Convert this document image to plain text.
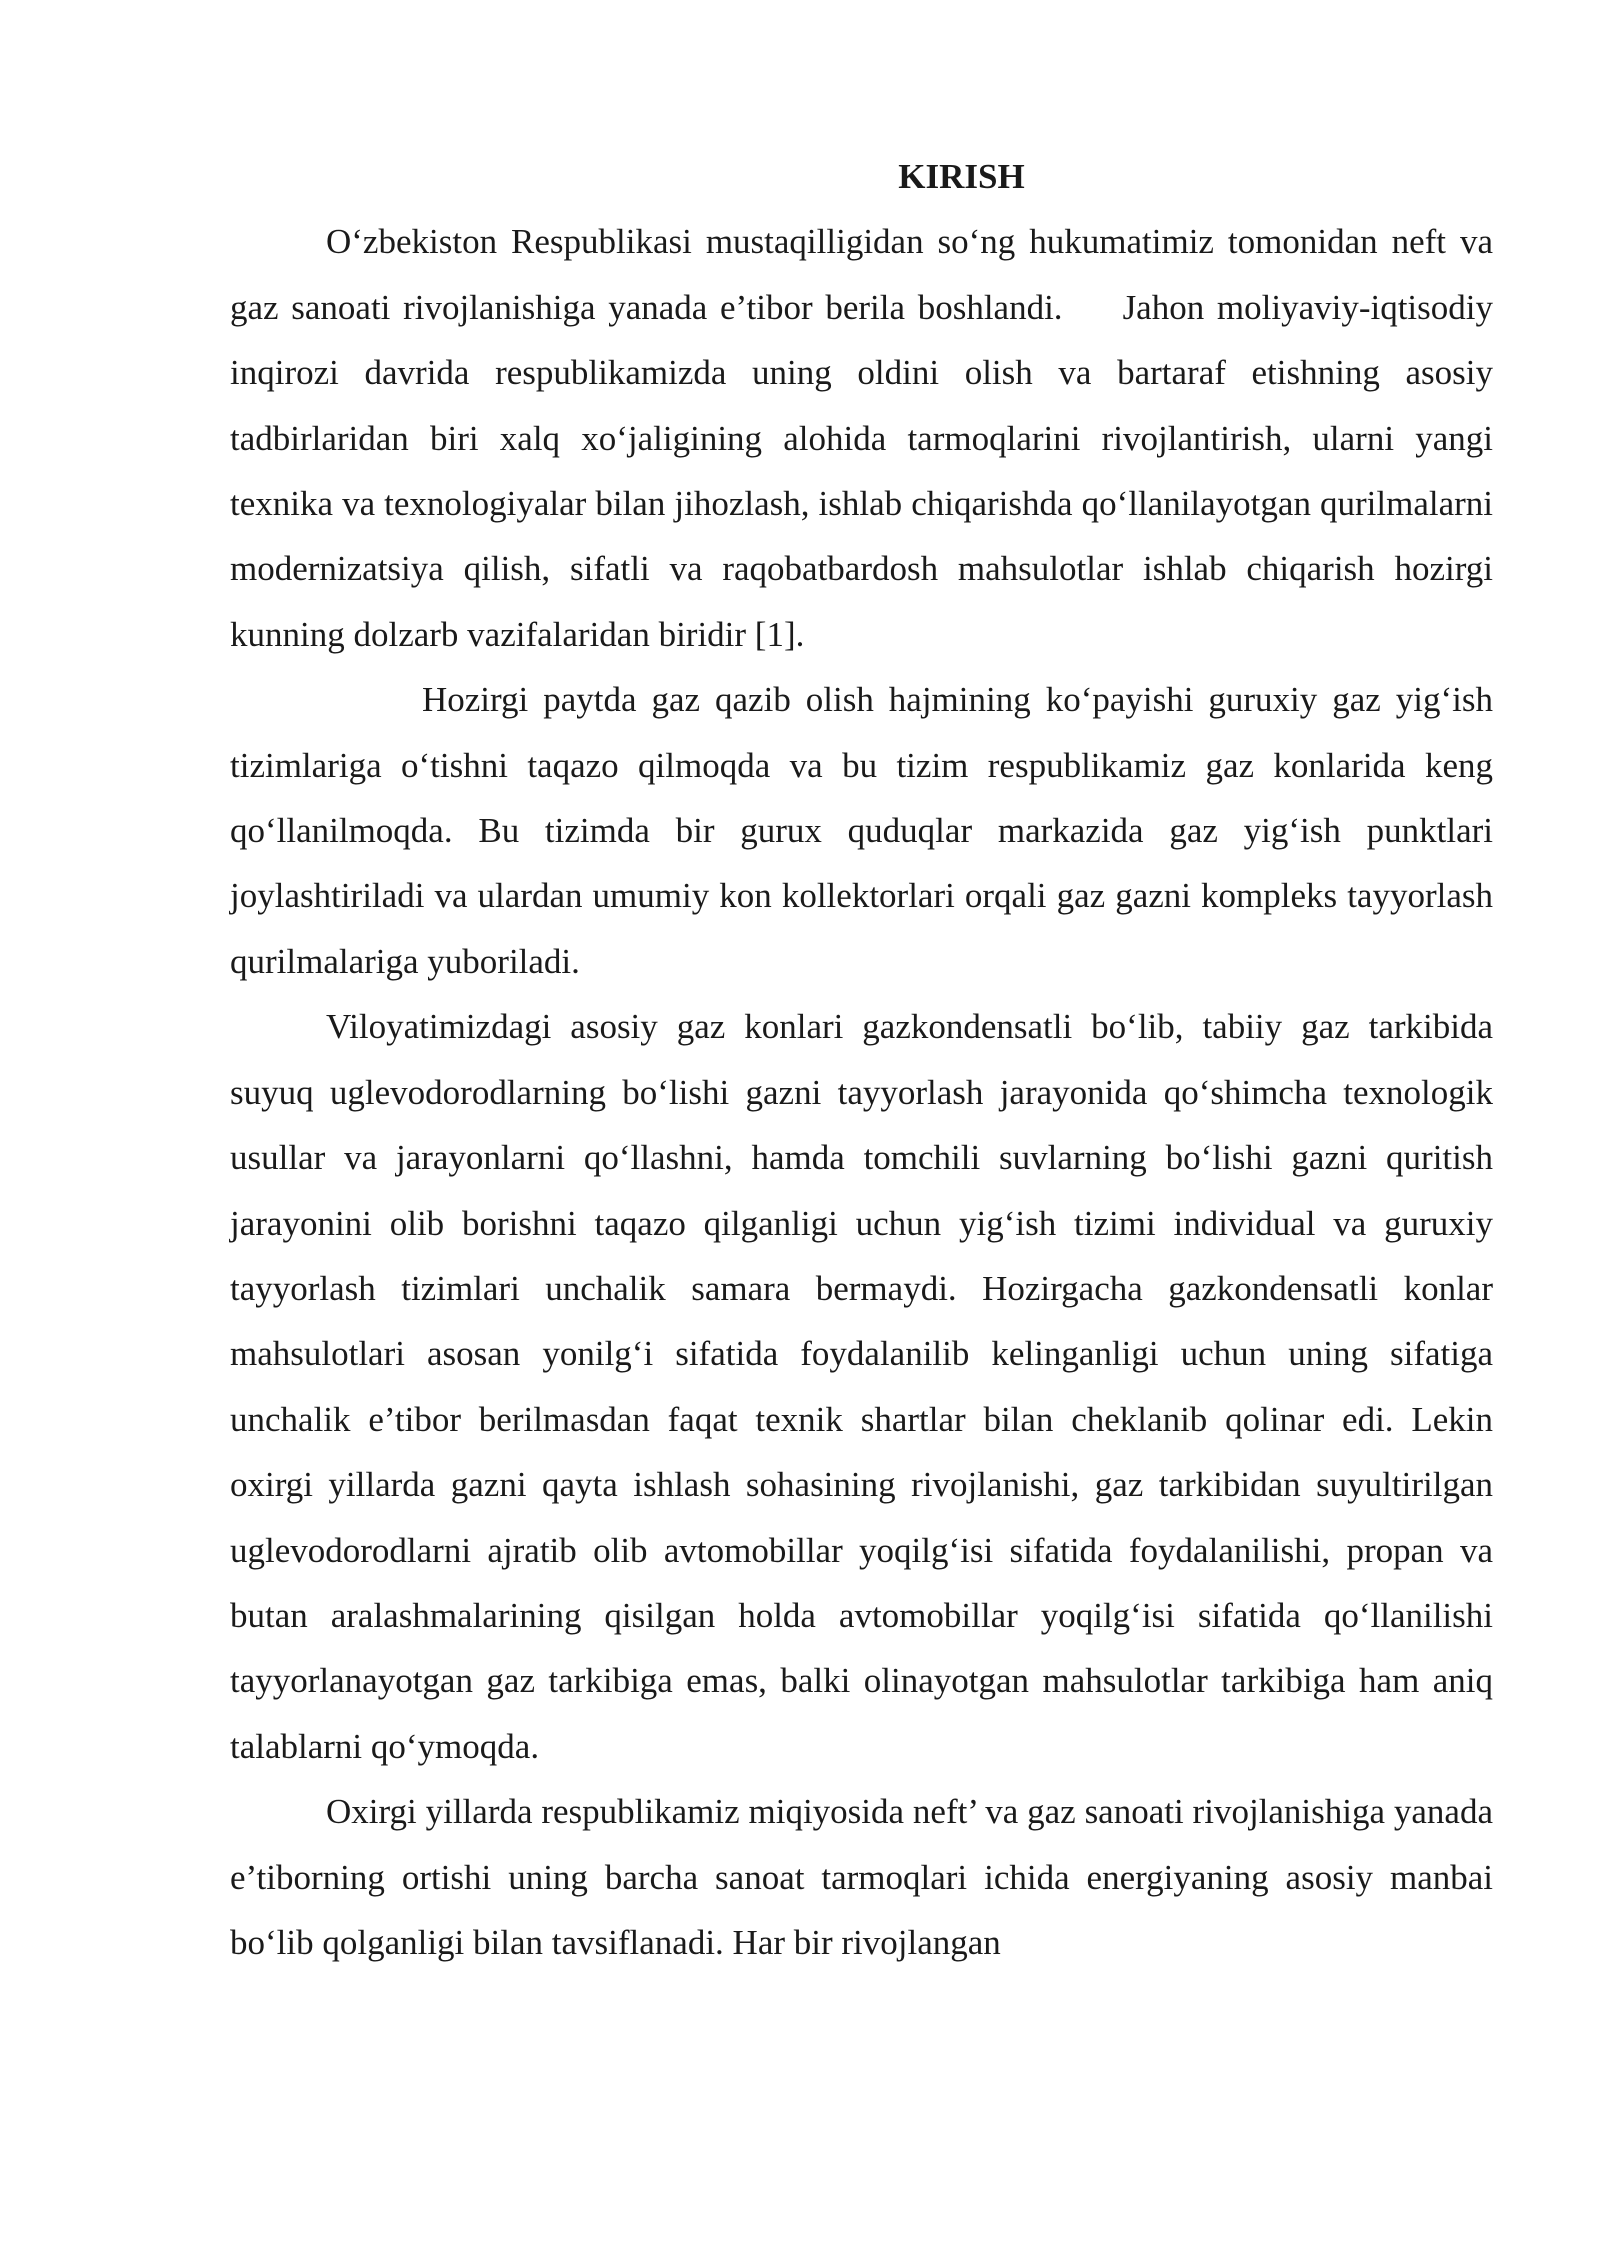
KIRISH

O‘zbekiston Respublikasi mustaqilligidan so‘ng hukumatimiz tomonidan neft va gaz sanoati rivojlanishiga yanada e’tibor berila boshlandi. Jahon moliyaviy-iqtisodiy inqirozi davrida respublikamizda uning oldini olish va bartaraf etishning asosiy tadbirlaridan biri xalq xo‘jaligining alohida tarmoqlarini rivojlantirish, ularni yangi texnika va texnologiyalar bilan jihozlash, ishlab chiqarishda qo‘llanilayotgan qurilmalarni modernizatsiya qilish, sifatli va raqobatbardosh mahsulotlar ishlab chiqarish hozirgi kunning dolzarb vazifalaridan biridir [1].

Hozirgi paytda gaz qazib olish hajmining ko‘payishi guruxiy gaz yig‘ish tizimlariga o‘tishni taqazo qilmoqda va bu tizim respublikamiz gaz konlarida keng qo‘llanilmoqda. Bu tizimda bir gurux quduqlar markazida gaz yig‘ish punktlari joylashtiriladi va ulardan umumiy kon kollektorlari orqali gaz gazni kompleks tayyorlash qurilmalariga yuboriladi.

Viloyatimizdagi asosiy gaz konlari gazkondensatli bo‘lib, tabiiy gaz tarkibida suyuq uglevodorodlarning bo‘lishi gazni tayyorlash jarayonida qo‘shimcha texnologik usullar va jarayonlarni qo‘llashni, hamda tomchili suvlarning bo‘lishi gazni quritish jarayonini olib borishni taqazo qilganligi uchun yig‘ish tizimi individual va guruxiy tayyorlash tizimlari unchalik samara bermaydi. Hozirgacha gazkondensatli konlar mahsulotlari asosan yonilg‘i sifatida foydalanilib kelinganligi uchun uning sifatiga unchalik e’tibor berilmasdan faqat texnik shartlar bilan cheklanib qolinar edi. Lekin oxirgi yillarda gazni qayta ishlash sohasining rivojlanishi, gaz tarkibidan suyultirilgan uglevodorodlarni ajratib olib avtomobillar yoqilg‘isi sifatida foydalanilishi, propan va butan aralashmalarining qisilgan holda avtomobillar yoqilg‘isi sifatida qo‘llanilishi tayyorlanayotgan gaz tarkibiga emas, balki olinayotgan mahsulotlar tarkibiga ham aniq talablarni qo‘ymoqda.

Oxirgi yillarda respublikamiz miqiyosida neft’ va gaz sanoati rivojlanishiga yanada e’tiborning ortishi uning barcha sanoat tarmoqlari ichida energiyaning asosiy manbai bo‘lib qolganligi bilan tavsiflanadi. Har bir rivojlangan
